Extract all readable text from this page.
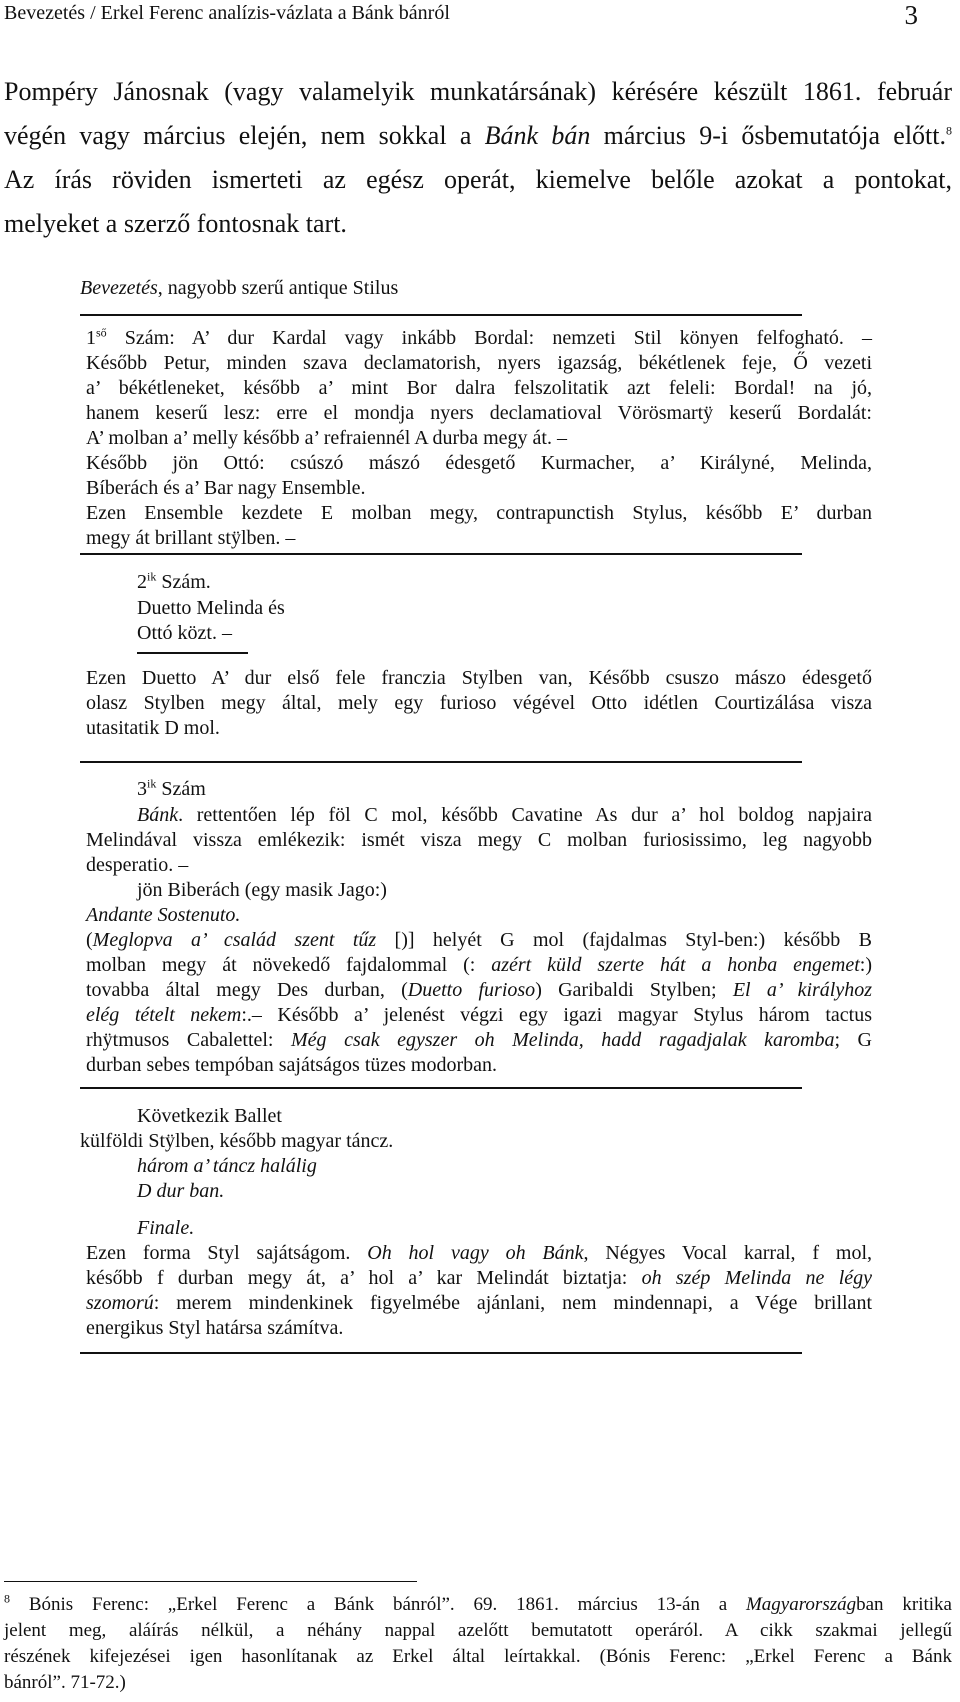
Bevezetés / Erkel Ferenc analízis-vázlata a Bánk bánról	3
Pompéry Jánosnak (vagy valamelyik munkatársának) kérésére készült 1861. február
végén vagy március elején, nem sokkal a Bánk bán március 9-i ősbemutatója előtt.$^8$
Az írás röviden ismerteti az egész operát, kiemelve belőle azokat a pontokat,
melyeket a szerző fontosnak tart.
Bevezetés, nagyobb szerű antique Stilus
$1^{ső}$ Szám: A’ dur Kardal vagy inkább Bordal: nemzeti Stil könyen felfogható. –
Később Petur, minden szava declamatorish, nyers igazság, békétlenek feje, Ő vezeti
a’ békétleneket, később a’ mint Bor dalra felszolitatik azt feleli: Bordal! na jó,
hanem keserű lesz: erre el mondja nyers declamatioval Vörösmartÿ keserű Bordalát:
A’ molban a’ melly később a’ refraiennél A durba megy át. –
Később jön Ottó: csúszó mászó édesgető Kurmacher, a’ Királyné, Melinda,
Bíberách és a’ Bar nagy Ensemble.
Ezen Ensemble kezdete E molban megy, contrapunctish Stylus, később E’ durban
megy át brillant stÿlben. –
$2^{ik}$ Szám.
Duetto Melinda és
Ottó közt. –
Ezen Duetto A’ dur első fele franczia Stylben van, Később csuszo mászo édesgető
olasz Stylben megy által, mely egy furioso végével Otto idétlen Courtizálása visza
utasitatik D mol.
$3^{ik}$ Szám
Bánk. rettentően lép föl C mol, később Cavatine As dur a’ hol boldog napjaira
Melindával vissza emlékezik: ismét visza megy C molban furiosissimo, leg nagyobb
desperatio. –
jön Biberách (egy masik Jago:)
Andante Sostenuto.
(Meglopva a’ család szent tűz [)] helyét G mol (fajdalmas Styl-ben:) később B
molban megy át növekedő fajdalommal (: azért küld szerte hát a honba engemet:)
tovabba által megy Des durban, (Duetto furioso) Garibaldi Stylben; El a’ királyhoz
elég tételt nekem:.– Később a’ jelenést végzi egy igazi magyar Stylus három tactus
rhÿtmusos Cabalettel: Még csak egyszer oh Melinda, hadd ragadjalak karomba; G
durban sebes tempóban sajátságos tüzes modorban.
Következik Ballet
külföldi Stÿlben, később magyar táncz.
három a’ táncz halálig
D dur ban.
Finale.
Ezen forma Styl sajátságom. Oh hol vagy oh Bánk, Négyes Vocal karral, f mol,
később f durban megy át, a’ hol a’ kar Melindát biztatja: oh szép Melinda ne légy
szomorú: merem mindenkinek figyelmébe ajánlani, nem mindennapi, a Vége brillant
energikus Styl határsa számítva.
$^8$ Bónis Ferenc: „Erkel Ferenc a Bánk bánról”. 69. 1861. március 13-án a Magyarországban kritika
jelent meg, aláírás nélkül, a néhány nappal azelőtt bemutatott operáról. A cikk szakmai jellegű
részének kifejezései igen hasonlítanak az Erkel által leírtakkal. (Bónis Ferenc: „Erkel Ferenc a Bánk
bánról”. 71-72.)
